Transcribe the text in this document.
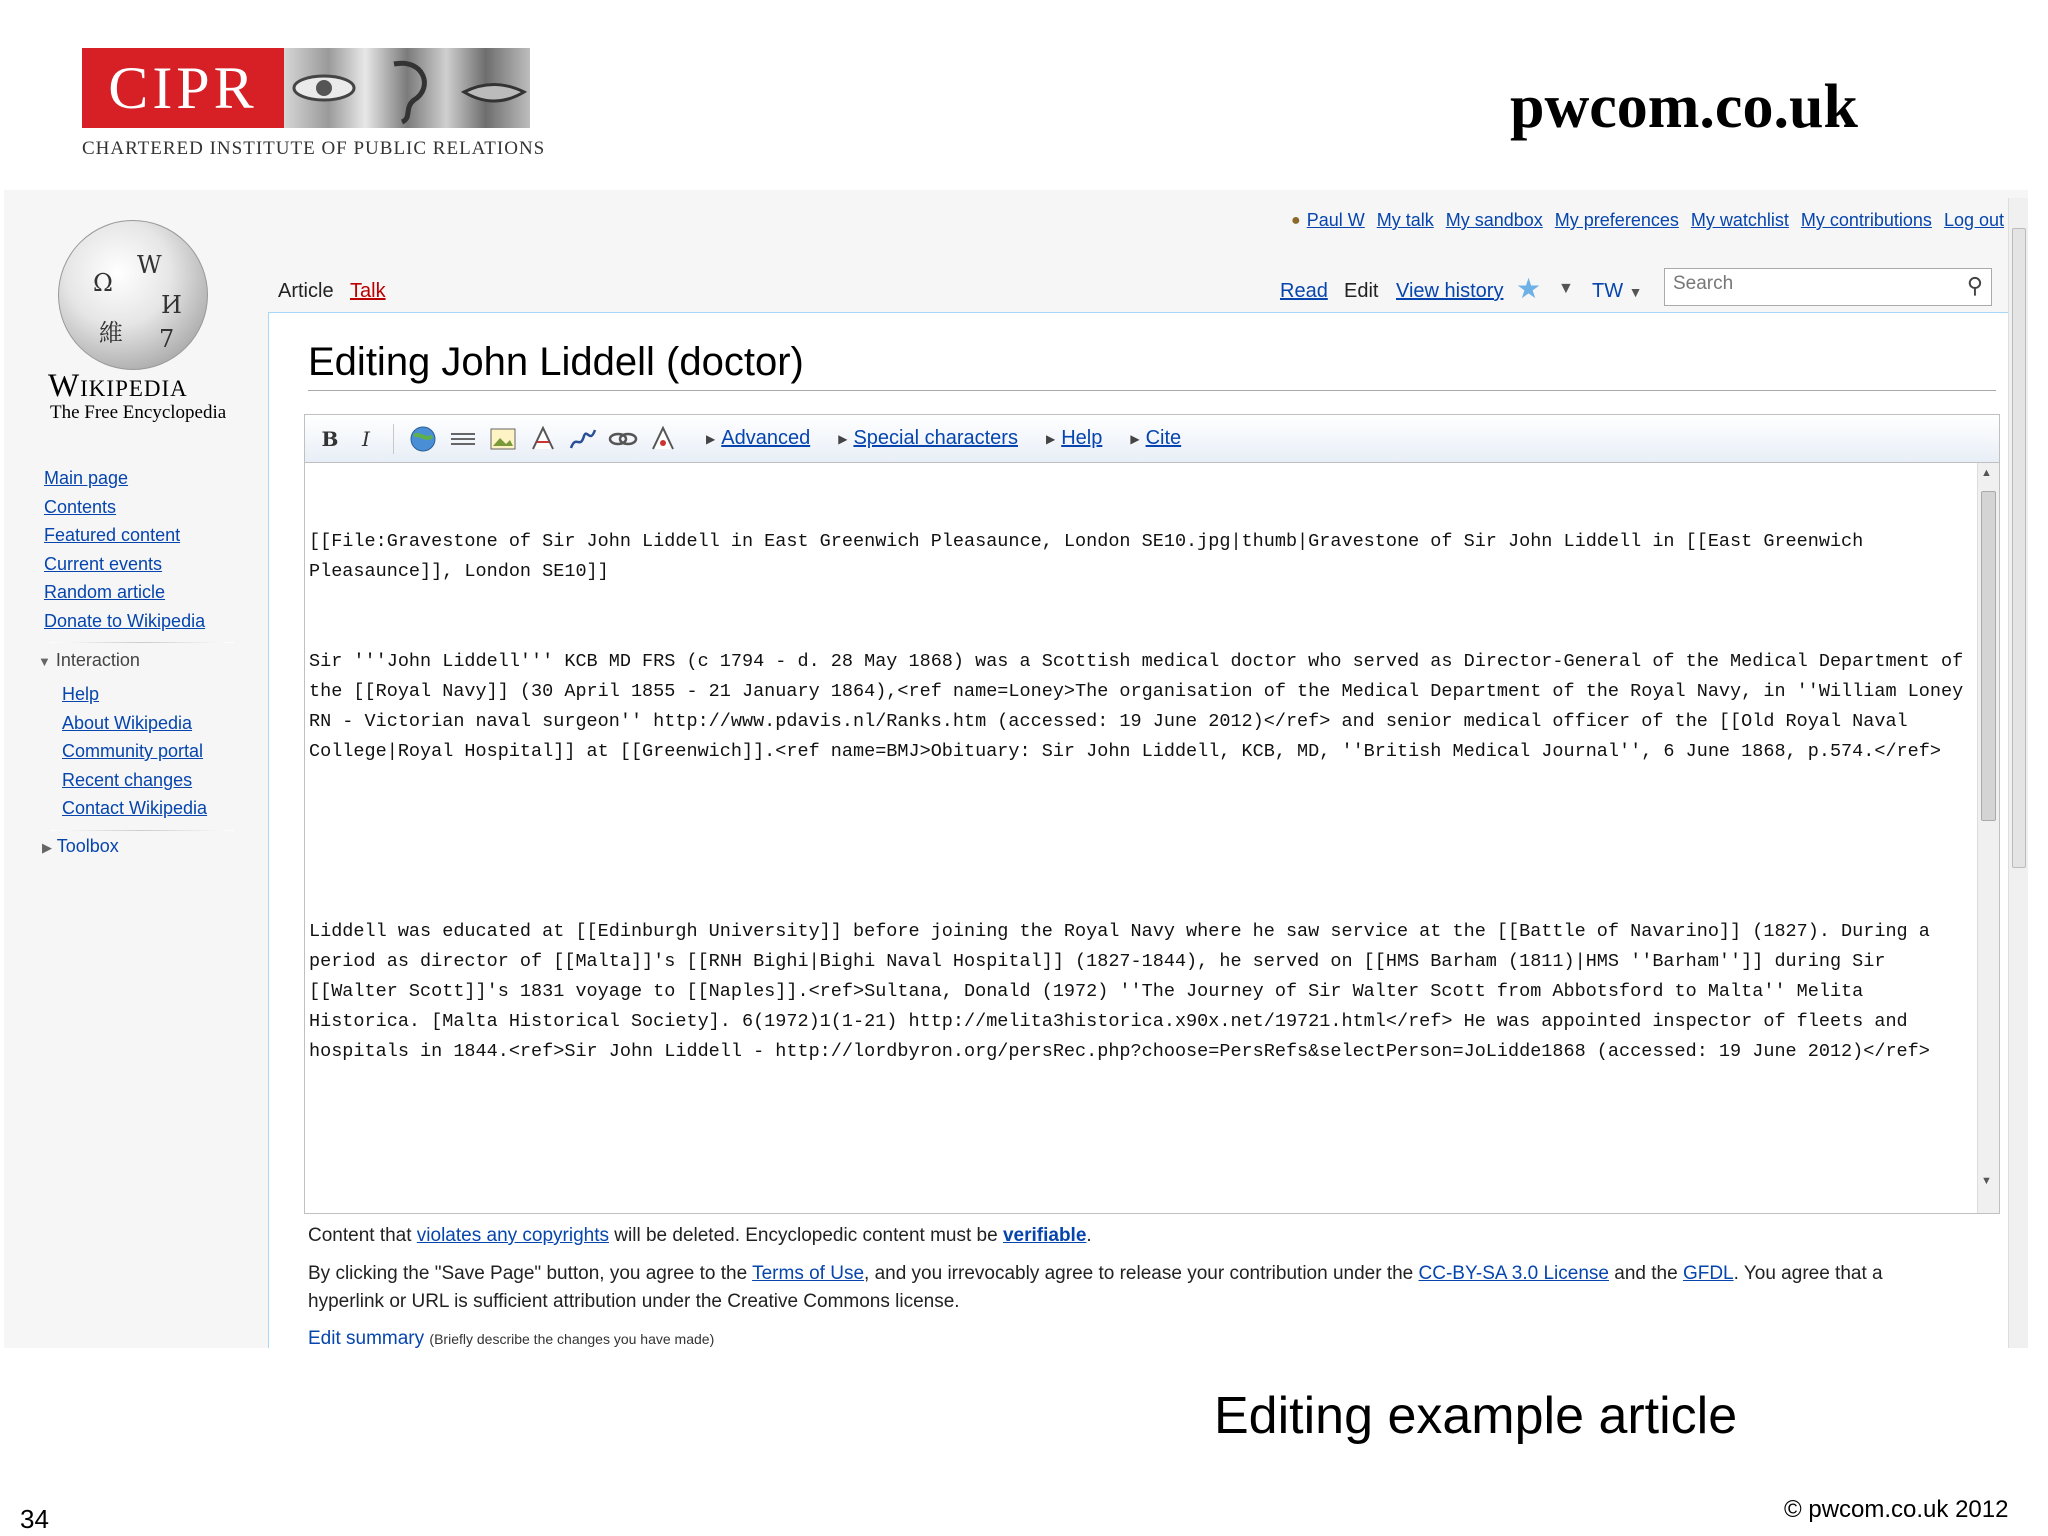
CIPR
CHARTERED INSTITUTE OF PUBLIC RELATIONS
pwcom.co.uk
● Paul W My talk My sandbox My preferences My watchlist My contributions Log out
Ω
W
И
維 7
Wikipedia
The Free Encyclopedia
Main page
Contents
Featured content
Current events
Random article
Donate to Wikipedia
▼ Interaction
Help
About Wikipedia
Community portal
Recent changes
Contact Wikipedia
▶ Toolbox
Article Talk	Read Edit View history ★ ▼ TW ▼	Search	⚲
Editing John Liddell (doctor)
B	I	▶ Advanced ▶ Special characters ▶ Help ▶ Cite

[[File:Gravestone of Sir John Liddell in East Greenwich Pleasaunce, London SE10.jpg|thumb|Gravestone of Sir John Liddell in [[East Greenwich Pleasaunce]], London SE10]]

Sir '''John Liddell''' KCB MD FRS (c 1794 - d. 28 May 1868) was a Scottish medical doctor who served as Director-General of the Medical Department of the [[Royal Navy]] (30 April 1855 - 21 January 1864),<ref name=Loney>The organisation of the Medical Department of the Royal Navy, in ''William Loney RN - Victorian naval surgeon'' http://www.pdavis.nl/Ranks.htm (accessed: 19 June 2012)</ref> and senior medical officer of the [[Old Royal Naval College|Royal Hospital]] at [[Greenwich]].<ref name=BMJ>Obituary: Sir John Liddell, KCB, MD, ''British Medical Journal'', 6 June 1868, p.574.</ref>

Liddell was educated at [[Edinburgh University]] before joining the Royal Navy where he saw service at the [[Battle of Navarino]] (1827). During a period as director of [[Malta]]'s [[RNH Bighi|Bighi Naval Hospital]] (1827-1844), he served on [[HMS Barham (1811)|HMS ''Barham'']] during Sir [[Walter Scott]]'s 1831 voyage to [[Naples]].<ref>Sultana, Donald (1972) ''The Journey of Sir Walter Scott from Abbotsford to Malta'' Melita Historica. [Malta Historical Society]. 6(1972)1(1-21) http://melita3historica.x90x.net/19721.html</ref> He was appointed inspector of fleets and hospitals in 1844.<ref>Sir John Liddell - http://lordbyron.org/persRec.php?choose=PersRefs&selectPerson=JoLidde1868 (accessed: 19 June 2012)</ref>

▲
▼
Content that violates any copyrights will be deleted. Encyclopedic content must be verifiable.
By clicking the "Save Page" button, you agree to the Terms of Use, and you irrevocably agree to release your contribution under the CC-BY-SA 3.0 License and the GFDL. You agree that a
hyperlink or URL is sufficient attribution under the Creative Commons license.
Edit summary (Briefly describe the changes you have made)
Editing example article
34	© pwcom.co.uk 2012
